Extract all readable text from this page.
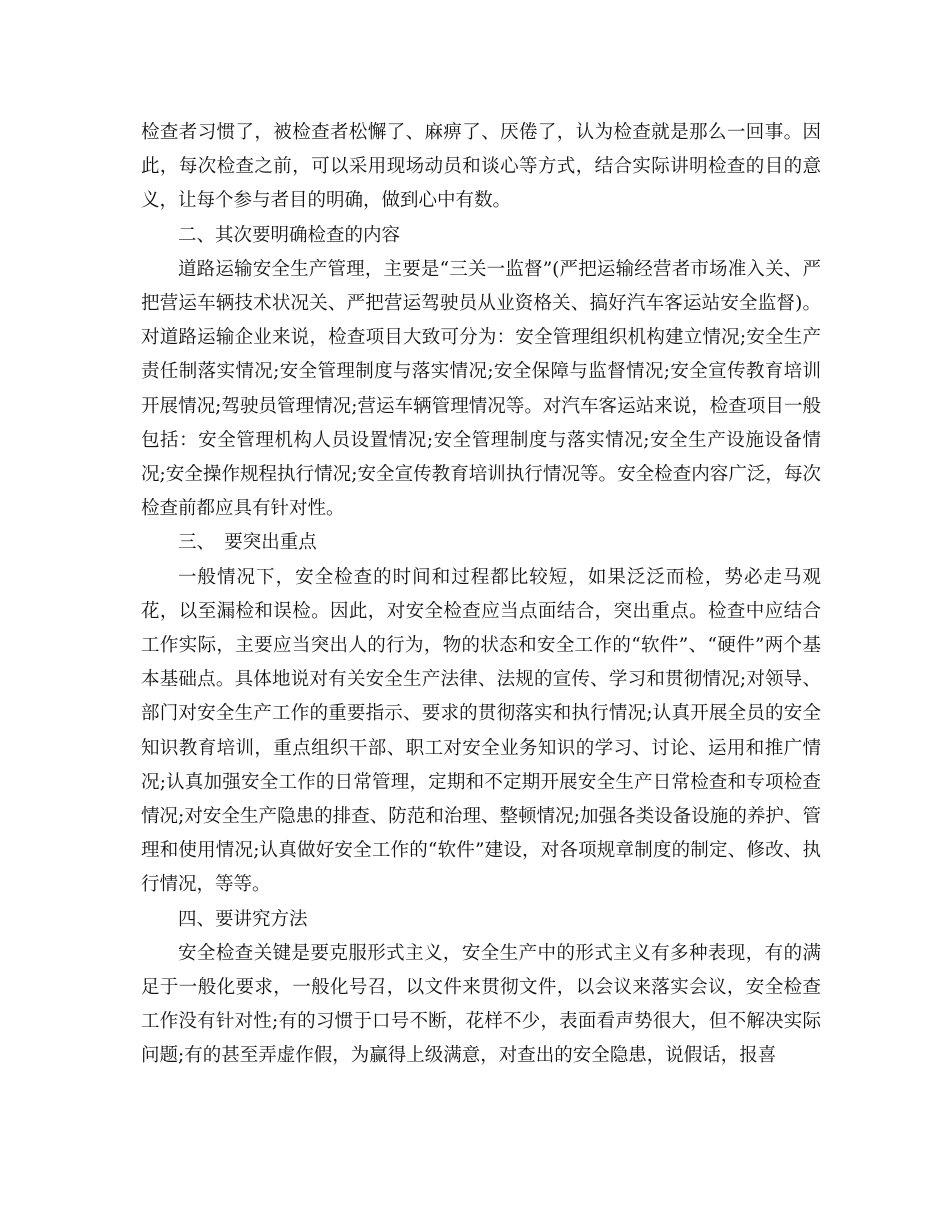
检查者习惯了，被检查者松懈了、麻痹了、厌倦了，认为检查就是那么一回事。因此，每次检查之前，可以采用现场动员和谈心等方式，结合实际讲明检查的目的意义，让每个参与者目的明确，做到心中有数。

二、其次要明确检查的内容

道路运输安全生产管理，主要是“三关一监督”(严把运输经营者市场准入关、严把营运车辆技术状况关、严把营运驾驶员从业资格关、搞好汽车客运站安全监督)。对道路运输企业来说，检查项目大致可分为：安全管理组织机构建立情况;安全生产责任制落实情况;安全管理制度与落实情况;安全保障与监督情况;安全宣传教育培训开展情况;驾驶员管理情况;营运车辆管理情况等。对汽车客运站来说，检查项目一般包括：安全管理机构人员设置情况;安全管理制度与落实情况;安全生产设施设备情况;安全操作规程执行情况;安全宣传教育培训执行情况等。安全检查内容广泛，每次检查前都应具有针对性。

三、　要突出重点

一般情况下，安全检查的时间和过程都比较短，如果泛泛而检，势必走马观花，以至漏检和误检。因此，对安全检查应当点面结合，突出重点。检查中应结合工作实际，主要应当突出人的行为，物的状态和安全工作的“软件”、“硬件”两个基本基础点。具体地说对有关安全生产法律、法规的宣传、学习和贯彻情况;对领导、部门对安全生产工作的重要指示、要求的贯彻落实和执行情况;认真开展全员的安全知识教育培训，重点组织干部、职工对安全业务知识的学习、讨论、运用和推广情况;认真加强安全工作的日常管理，定期和不定期开展安全生产日常检查和专项检查情况;对安全生产隐患的排查、防范和治理、整顿情况;加强各类设备设施的养护、管理和使用情况;认真做好安全工作的“软件”建设，对各项规章制度的制定、修改、执行情况，等等。

四、要讲究方法

安全检查关键是要克服形式主义，安全生产中的形式主义有多种表现，有的满足于一般化要求，一般化号召，以文件来贯彻文件，以会议来落实会议，安全检查工作没有针对性;有的习惯于口号不断，花样不少，表面看声势很大，但不解决实际问题;有的甚至弄虚作假，为赢得上级满意，对查出的安全隐患，说假话，报喜
